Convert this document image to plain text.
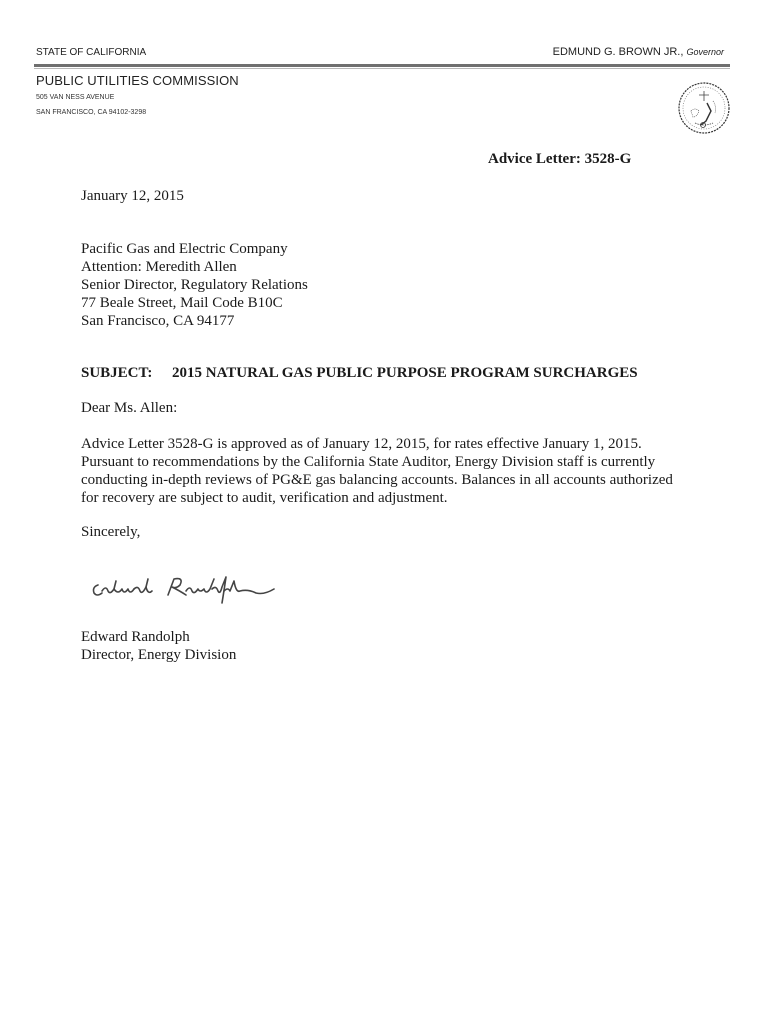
STATE OF CALIFORNIA	EDMUND G. BROWN JR., Governor
PUBLIC UTILITIES COMMISSION
505 VAN NESS AVENUE
SAN FRANCISCO, CA 94102-3298
Advice Letter: 3528-G
January 12, 2015
Pacific Gas and Electric Company
Attention: Meredith Allen
Senior Director, Regulatory Relations
77 Beale Street, Mail Code B10C
San Francisco, CA 94177
SUBJECT: 2015 NATURAL GAS PUBLIC PURPOSE PROGRAM SURCHARGES
Dear Ms. Allen:
Advice Letter 3528-G is approved as of January 12, 2015, for rates effective January 1, 2015.
Pursuant to recommendations by the California State Auditor, Energy Division staff is currently
conducting in-depth reviews of PG&E gas balancing accounts. Balances in all accounts authorized
for recovery are subject to audit, verification and adjustment.
Sincerely,
Edward Randolph
Director, Energy Division
